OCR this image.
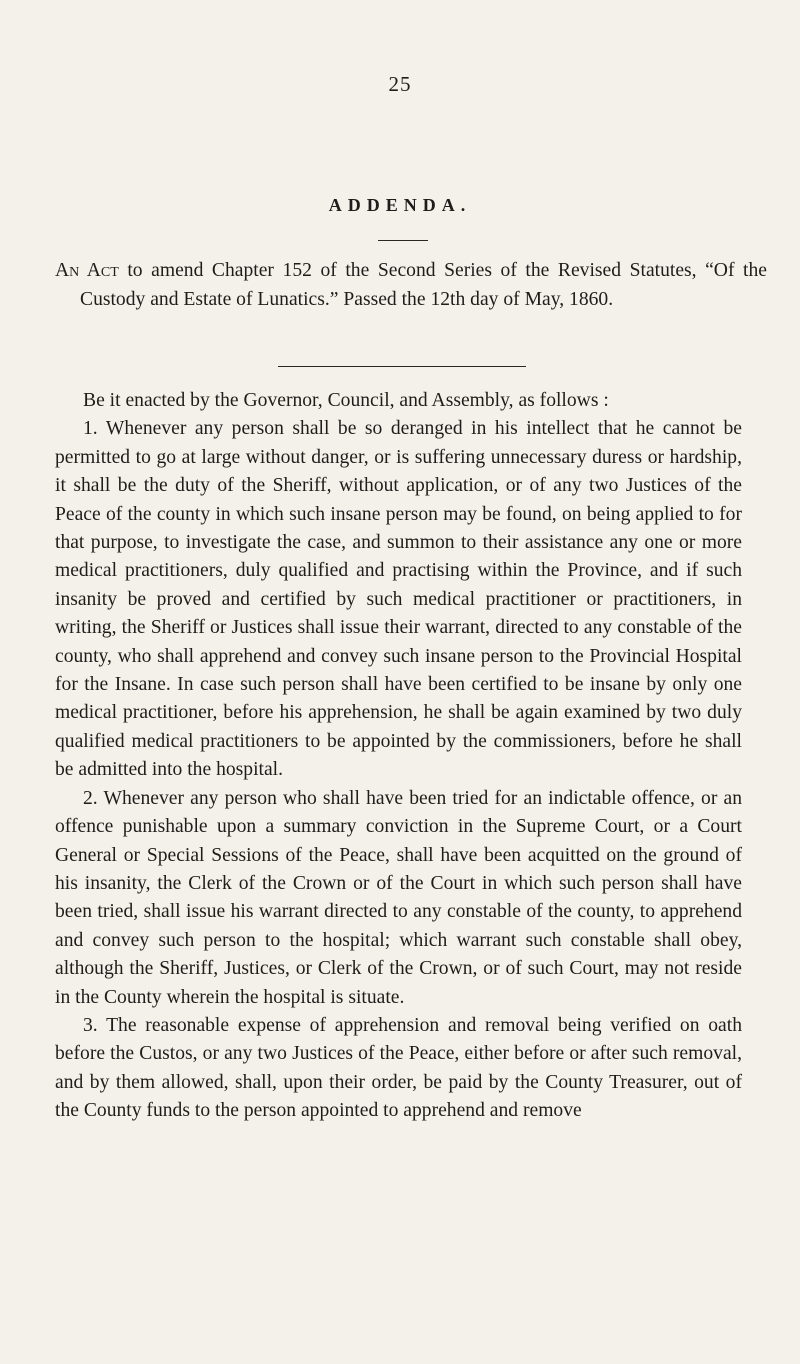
25
ADDENDA.

An Act to amend Chapter 152 of the Second Series of the Revised Statutes, “Of the Custody and Estate of Lunatics.” Passed the 12th day of May, 1860.

Be it enacted by the Governor, Council, and Assembly, as follows :

1. Whenever any person shall be so deranged in his intellect that he cannot be permitted to go at large without danger, or is suffering unnecessary duress or hardship, it shall be the duty of the Sheriff, without application, or of any two Justices of the Peace of the county in which such insane person may be found, on being applied to for that purpose, to investigate the case, and summon to their assistance any one or more medical practitioners, duly qualified and practising within the Province, and if such insanity be proved and certified by such medical practitioner or practitioners, in writing, the Sheriff or Justices shall issue their warrant, directed to any constable of the county, who shall apprehend and convey such insane person to the Provincial Hospital for the Insane. In case such person shall have been certified to be insane by only one medical practitioner, before his apprehension, he shall be again examined by two duly qualified medical practitioners to be appointed by the commissioners, before he shall be admitted into the hospital.

2. Whenever any person who shall have been tried for an indictable offence, or an offence punishable upon a summary conviction in the Supreme Court, or a Court General or Special Sessions of the Peace, shall have been acquitted on the ground of his insanity, the Clerk of the Crown or of the Court in which such person shall have been tried, shall issue his warrant directed to any constable of the county, to apprehend and convey such person to the hospital; which warrant such constable shall obey, although the Sheriff, Justices, or Clerk of the Crown, or of such Court, may not reside in the County wherein the hospital is situate.

3. The reasonable expense of apprehension and removal being verified on oath before the Custos, or any two Justices of the Peace, either before or after such removal, and by them allowed, shall, upon their order, be paid by the County Treasurer, out of the County funds to the person appointed to apprehend and remove
